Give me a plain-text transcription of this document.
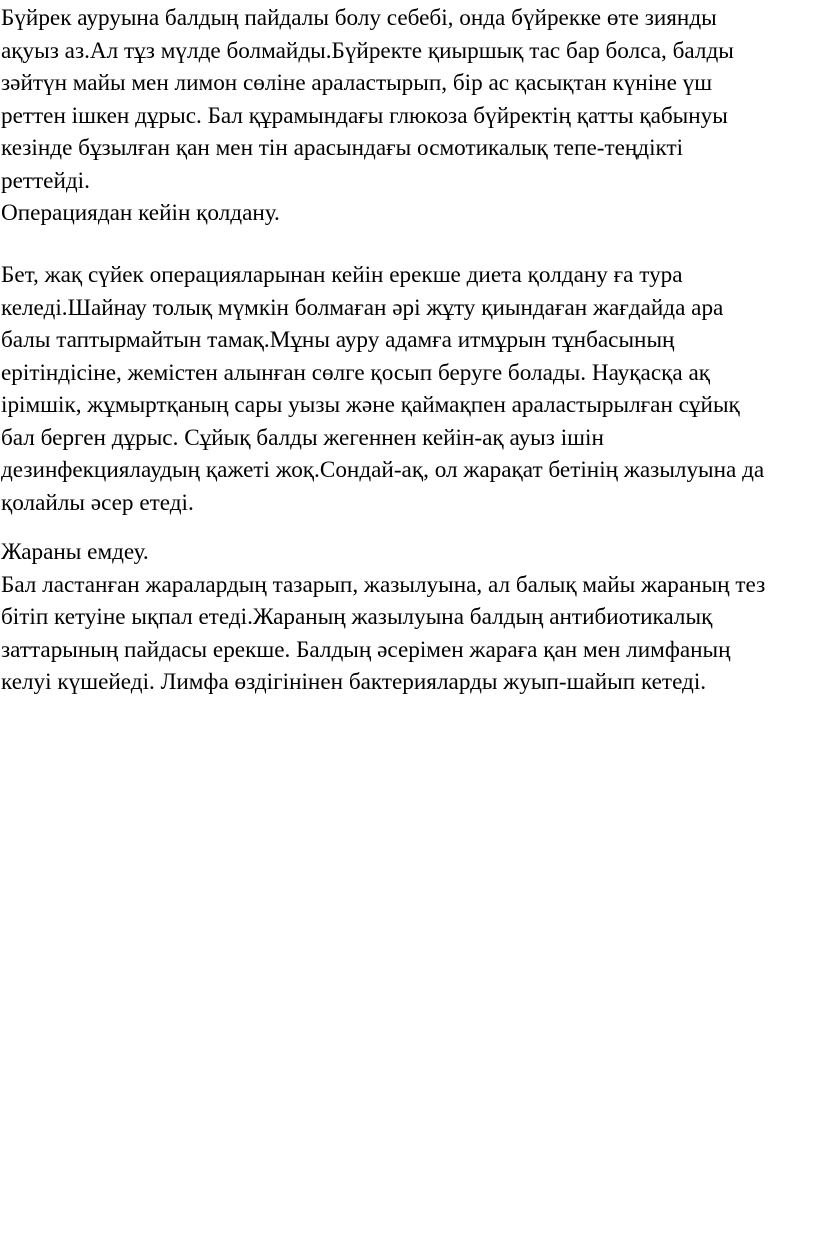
Бүйрек ауруына балдың пайдалы болу себебі, онда бүйрекке өте зиянды
ақуыз аз.Ал тұз мүлде болмайды.Бүйректе қиыршық тас бар болса, балды
зәйтүн майы мен лимон сөліне араластырып, бір ас қасықтан күніне үш
реттен ішкен дұрыс. Бал құрамындағы глюкоза бүйректің қатты қабынуы
кезінде бұзылған қан мен тін арасындағы осмотикалық тепе-теңдікті
реттейді.

Операциядан кейін қолдану.

Бет, жақ сүйек операцияларынан кейін ерекше диета қолдану ға тура
келеді.Шайнау толық мүмкін болмаған әрі жұту қиындаған жағдайда ара
балы таптырмайтын тамақ.Мұны ауру адамға итмұрын тұнбасының
ерітіндісіне, жемістен алынған сөлге қосып беруге болады. Науқасқа ақ
ірімшік, жұмыртқаның сары уызы және қаймақпен араластырылған сұйық
бал берген дұрыс. Сұйық балды жегеннен кейін-ақ ауыз ішін
дезинфекциялаудың қажеті жоқ.Сондай-ақ, ол жарақат бетінің жазылуына да
қолайлы әсер етеді.

Жараны емдеу.

Бал ластанған жаралардың тазарып, жазылуына, ал балық майы жараның тез
бітіп кетуіне ықпал етеді.Жараның жазылуына балдың антибиотикалық
заттарының пайдасы ерекше. Балдың әсерімен жараға қан мен лимфаның
келуі күшейеді. Лимфа өздігінінен бактерияларды жуып-шайып кетеді.
